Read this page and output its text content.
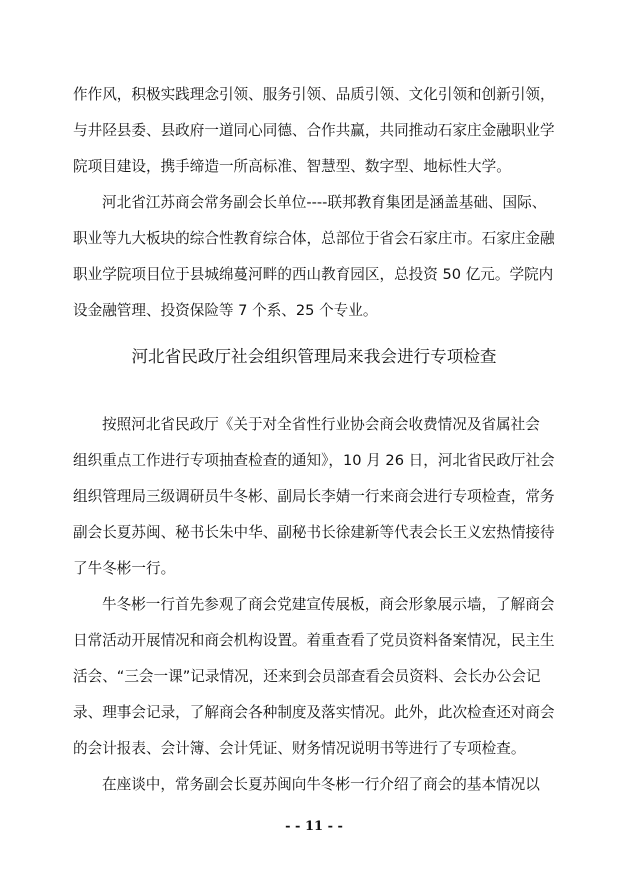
作作风，积极实践理念引领、服务引领、品质引领、文化引领和创新引领，
与井陉县委、县政府一道同心同德、合作共赢，共同推动石家庄金融职业学
院项目建设，携手缔造一所高标准、智慧型、数字型、地标性大学。
河北省江苏商会常务副会长单位----联邦教育集团是涵盖基础、国际、
职业等九大板块的综合性教育综合体，总部位于省会石家庄市。石家庄金融
职业学院项目位于县城绵蔓河畔的西山教育园区，总投资 50 亿元。学院内
设金融管理、投资保险等 7 个系、25 个专业。
河北省民政厅社会组织管理局来我会进行专项检查
按照河北省民政厅《关于对全省性行业协会商会收费情况及省属社会
组织重点工作进行专项抽查检查的通知》，10 月 26 日，河北省民政厅社会
组织管理局三级调研员牛冬彬、副局长李婧一行来商会进行专项检查，常务
副会长夏苏闽、秘书长朱中华、副秘书长徐建新等代表会长王义宏热情接待
了牛冬彬一行。
牛冬彬一行首先参观了商会党建宣传展板，商会形象展示墙，了解商会
日常活动开展情况和商会机构设置。着重查看了党员资料备案情况，民主生
活会、“三会一课”记录情况，还来到会员部查看会员资料、会长办公会记
录、理事会记录，了解商会各种制度及落实情况。此外，此次检查还对商会
的会计报表、会计簿、会计凭证、财务情况说明书等进行了专项检查。
在座谈中，常务副会长夏苏闽向牛冬彬一行介绍了商会的基本情况以
- - 11 - -
